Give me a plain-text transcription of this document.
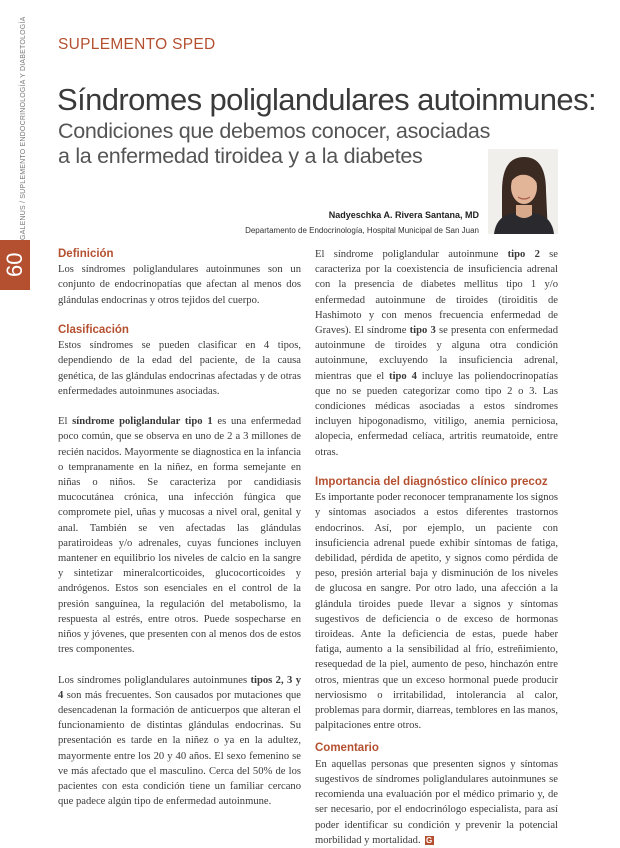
GALENUS / SUPLEMENTO ENDOCRINOLOGÍA Y DIABETOLOGÍA
60
SUPLEMENTO SPED
Síndromes poliglandulares autoinmunes:
Condiciones que debemos conocer, asociadas
a la enfermedad tiroidea y a la diabetes
Nadyeschka A. Rivera Santana, MD
Departamento de Endocrinología, Hospital Municipal de San Juan
Definición

Los síndromes poliglandulares autoinmunes son un conjunto de endocrinopatías que afectan al menos dos glándulas endocrinas y otros tejidos del cuerpo.

Clasificación

Estos síndromes se pueden clasificar en 4 tipos, dependiendo de la edad del paciente, de la causa genética, de las glándulas endocrinas afectadas y de otras enfermedades autoinmunes asociadas.

El síndrome poliglandular tipo 1 es una enfermedad poco común, que se observa en uno de 2 a 3 millones de recién nacidos. Mayormente se diagnostica en la infancia o tempranamente en la niñez, en forma semejante en niñas o niños. Se caracteriza por candidiasis mucocutánea crónica, una infección fúngica que compromete piel, uñas y mucosas a nivel oral, genital y anal. También se ven afectadas las glándulas paratiroideas y/o adrenales, cuyas funciones incluyen mantener en equilibrio los niveles de calcio en la sangre y sintetizar mineralcorticoides, glucocorticoides y andrógenos. Estos son esenciales en el control de la presión sanguínea, la regulación del metabolismo, la respuesta al estrés, entre otros. Puede sospecharse en niños y jóvenes, que presenten con al menos dos de estos tres componentes.

Los síndromes poliglandulares autoinmunes tipos 2, 3 y 4 son más frecuentes. Son causados por mutaciones que desencadenan la formación de anticuerpos que alteran el funcionamiento de distintas glándulas endocrinas. Su presentación es tarde en la niñez o ya en la adultez, mayormente entre los 20 y 40 años. El sexo femenino se ve más afectado que el masculino. Cerca del 50% de los pacientes con esta condición tiene un familiar cercano que padece algún tipo de enfermedad autoinmune.

El síndrome poliglandular autoinmune tipo 2 se caracteriza por la coexistencia de insuficiencia adrenal con la presencia de diabetes mellitus tipo 1 y/o enfermedad autoinmune de tiroides (tiroiditis de Hashimoto y con menos frecuencia enfermedad de Graves). El síndrome tipo 3 se presenta con enfermedad autoinmune de tiroides y alguna otra condición autoinmune, excluyendo la insuficiencia adrenal, mientras que el tipo 4 incluye las poliendocrinopatías que no se pueden categorizar como tipo 2 o 3. Las condiciones médicas asociadas a estos síndromes incluyen hipogonadismo, vitiligo, anemia perniciosa, alopecia, enfermedad celíaca, artritis reumatoide, entre otras.

Importancia del diagnóstico clínico precoz

Es importante poder reconocer tempranamente los signos y síntomas asociados a estos diferentes trastornos endocrinos. Así, por ejemplo, un paciente con insuficiencia adrenal puede exhibir síntomas de fatiga, debilidad, pérdida de apetito, y signos como pérdida de peso, presión arterial baja y disminución de los niveles de glucosa en sangre. Por otro lado, una afección a la glándula tiroides puede llevar a signos y síntomas sugestivos de deficiencia o de exceso de hormonas tiroideas. Ante la deficiencia de estas, puede haber fatiga, aumento a la sensibilidad al frío, estreñimiento, resequedad de la piel, aumento de peso, hinchazón entre otros, mientras que un exceso hormonal puede producir nerviosismo o irritabilidad, intolerancia al calor, problemas para dormir, diarreas, temblores en las manos, palpitaciones entre otros.

Comentario

En aquellas personas que presenten signos y síntomas sugestivos de síndromes poliglandulares autoinmunes se recomienda una evaluación por el médico primario y, de ser necesario, por el endocrinólogo especialista, para así poder identificar su condición y prevenir la potencial morbilidad y mortalidad. G
